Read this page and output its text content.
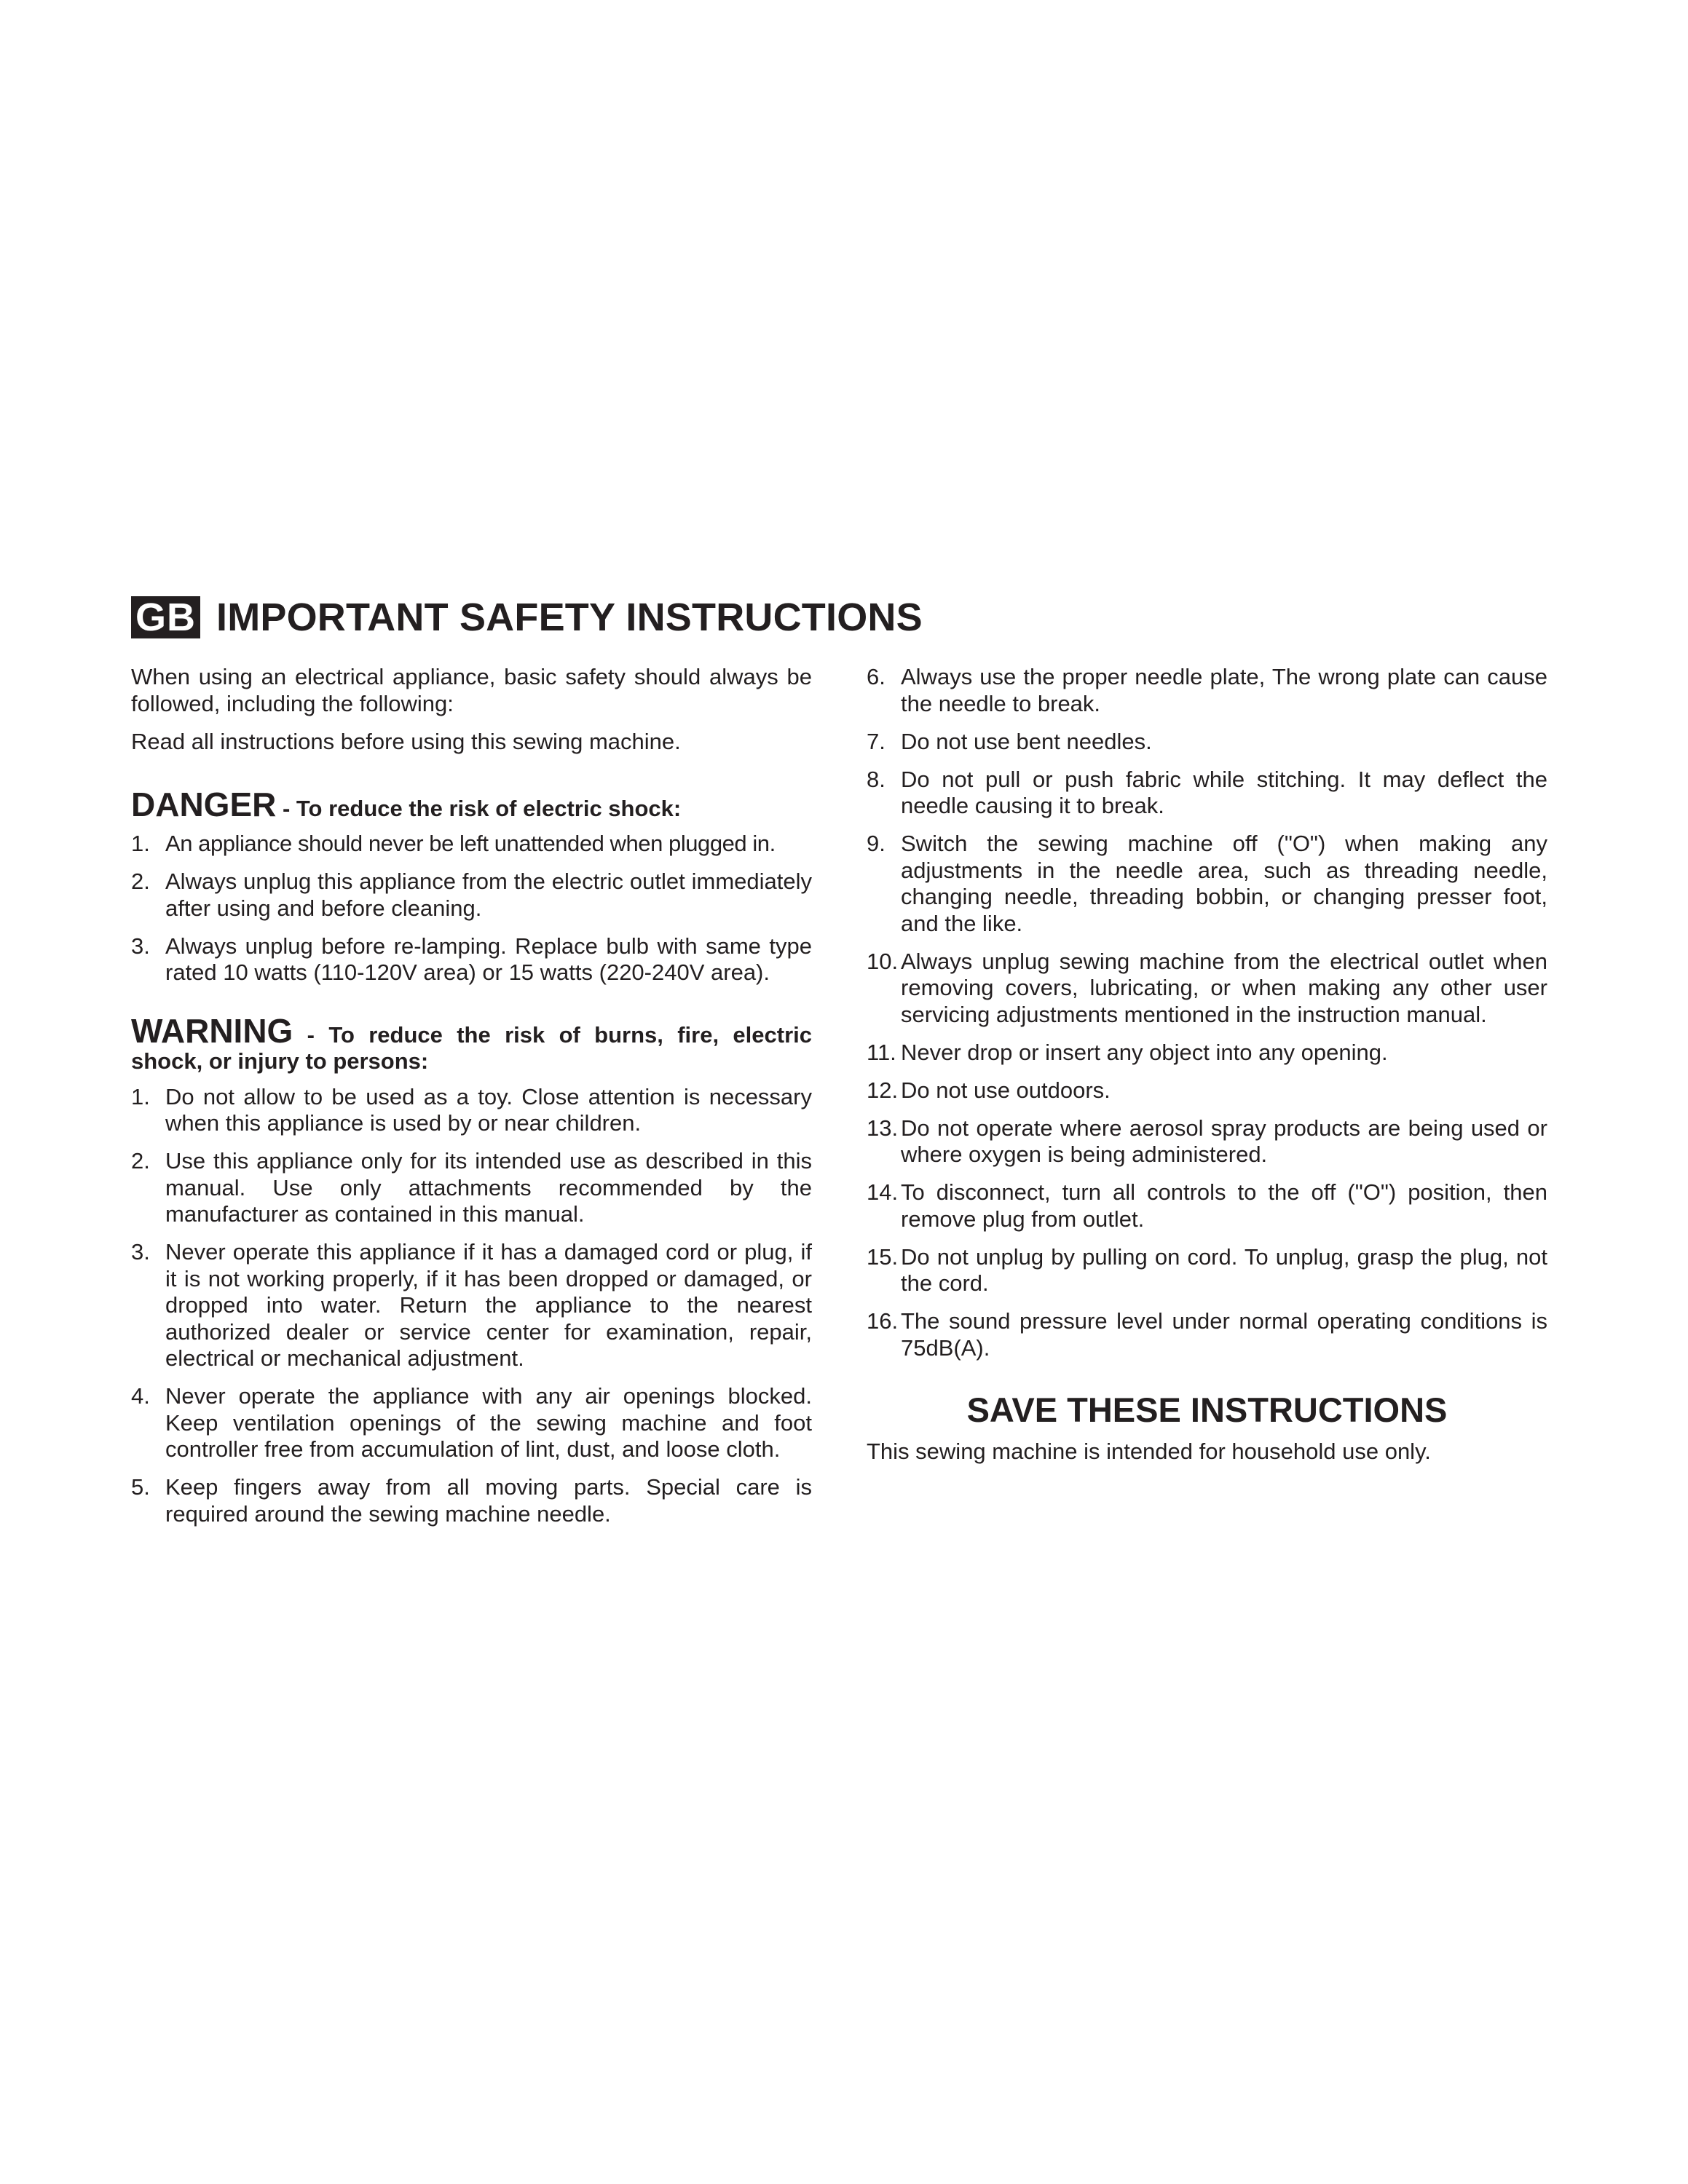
GB IMPORTANT SAFETY INSTRUCTIONS

When using an electrical appliance, basic safety should always be followed, including the following:

Read all instructions before using this sewing machine.

DANGER - To reduce the risk of electric shock:
1. An appliance should never be left unattended when plugged in.
2. Always unplug this appliance from the electric outlet immediately after using and before cleaning.
3. Always unplug before re-lamping. Replace bulb with same type rated 10 watts (110-120V area) or 15 watts (220-240V area).
WARNING - To reduce the risk of burns, fire, electric shock, or injury to persons:
1. Do not allow to be used as a toy. Close attention is necessary when this appliance is used by or near children.
2. Use this appliance only for its intended use as described in this manual. Use only attachments recommended by the manufacturer as contained in this manual.
3. Never operate this appliance if it has a damaged cord or plug, if it is not working properly, if it has been dropped or damaged, or dropped into water. Return the appliance to the nearest authorized dealer or service center for examination, repair, electrical or mechanical adjustment.
4. Never operate the appliance with any air openings blocked. Keep ventilation openings of the sewing machine and foot controller free from accumulation of lint, dust, and loose cloth.
5. Keep fingers away from all moving parts. Special care is required around the sewing machine needle.
6. Always use the proper needle plate, The wrong plate can cause the needle to break.
7. Do not use bent needles.
8. Do not pull or push fabric while stitching. It may deflect the needle causing it to break.
9. Switch the sewing machine off ("O") when making any adjustments in the needle area, such as threading needle, changing needle, threading bobbin, or changing presser foot, and the like.
10. Always unplug sewing machine from the electrical outlet when removing covers, lubricating, or when making any other user servicing adjustments mentioned in the instruction manual.
11. Never drop or insert any object into any opening.
12. Do not use outdoors.
13. Do not operate where aerosol spray products are being used or where oxygen is being administered.
14. To disconnect, turn all controls to the off ("O") position, then remove plug from outlet.
15. Do not unplug by pulling on cord. To unplug, grasp the plug, not the cord.
16. The sound pressure level under normal operating conditions is 75dB(A).
SAVE THESE INSTRUCTIONS

This sewing machine is intended for household use only.
